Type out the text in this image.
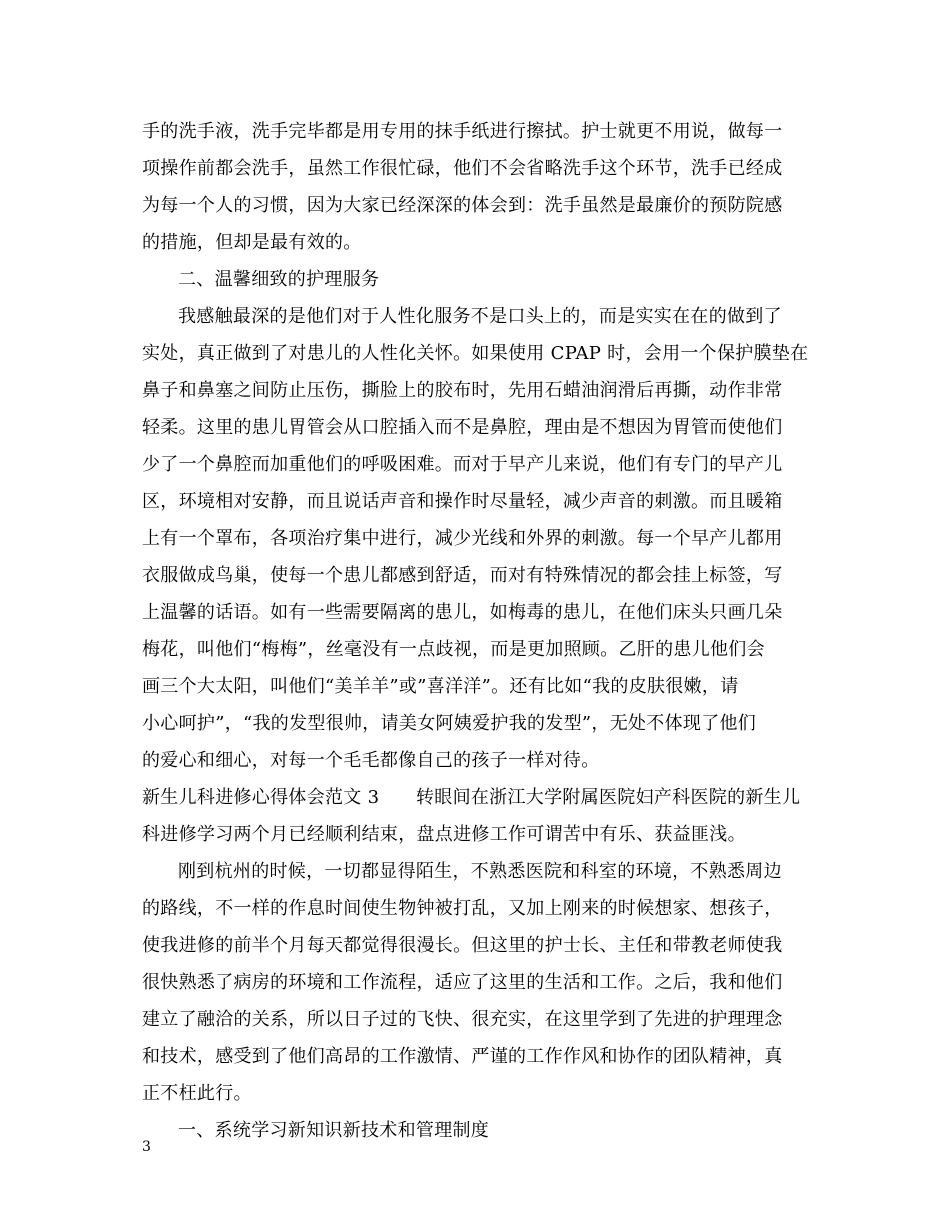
手的洗手液，洗手完毕都是用专用的抹手纸进行擦拭。护士就更不用说，做每一
项操作前都会洗手，虽然工作很忙碌，他们不会省略洗手这个环节，洗手已经成
为每一个人的习惯，因为大家已经深深的体会到：洗手虽然是最廉价的预防院感
的措施，但却是最有效的。
二、温馨细致的护理服务
我感触最深的是他们对于人性化服务不是口头上的，而是实实在在的做到了
实处，真正做到了对患儿的人性化关怀。如果使用 CPAP 时，会用一个保护膜垫在
鼻子和鼻塞之间防止压伤，撕脸上的胶布时，先用石蜡油润滑后再撕，动作非常
轻柔。这里的患儿胃管会从口腔插入而不是鼻腔，理由是不想因为胃管而使他们
少了一个鼻腔而加重他们的呼吸困难。而对于早产儿来说，他们有专门的早产儿
区，环境相对安静，而且说话声音和操作时尽量轻，减少声音的刺激。而且暖箱
上有一个罩布，各项治疗集中进行，减少光线和外界的刺激。每一个早产儿都用
衣服做成鸟巢，使每一个患儿都感到舒适，而对有特殊情况的都会挂上标签，写
上温馨的话语。如有一些需要隔离的患儿，如梅毒的患儿，在他们床头只画几朵
梅花，叫他们“梅梅”，丝毫没有一点歧视，而是更加照顾。乙肝的患儿他们会
画三个大太阳，叫他们“美羊羊”或”喜洋洋”。还有比如“我的皮肤很嫩，请
小心呵护”，“我的发型很帅，请美女阿姨爱护我的发型”，无处不体现了他们
的爱心和细心，对每一个毛毛都像自己的孩子一样对待。
新生儿科进修心得体会范文 3　　转眼间在浙江大学附属医院妇产科医院的新生儿
科进修学习两个月已经顺利结束，盘点进修工作可谓苦中有乐、获益匪浅。
刚到杭州的时候，一切都显得陌生，不熟悉医院和科室的环境，不熟悉周边
的路线，不一样的作息时间使生物钟被打乱，又加上刚来的时候想家、想孩子，
使我进修的前半个月每天都觉得很漫长。但这里的护士长、主任和带教老师使我
很快熟悉了病房的环境和工作流程，适应了这里的生活和工作。之后，我和他们
建立了融洽的关系，所以日子过的飞快、很充实，在这里学到了先进的护理理念
和技术，感受到了他们高昂的工作激情、严谨的工作作风和协作的团队精神，真
正不枉此行。
一、系统学习新知识新技术和管理制度
3
